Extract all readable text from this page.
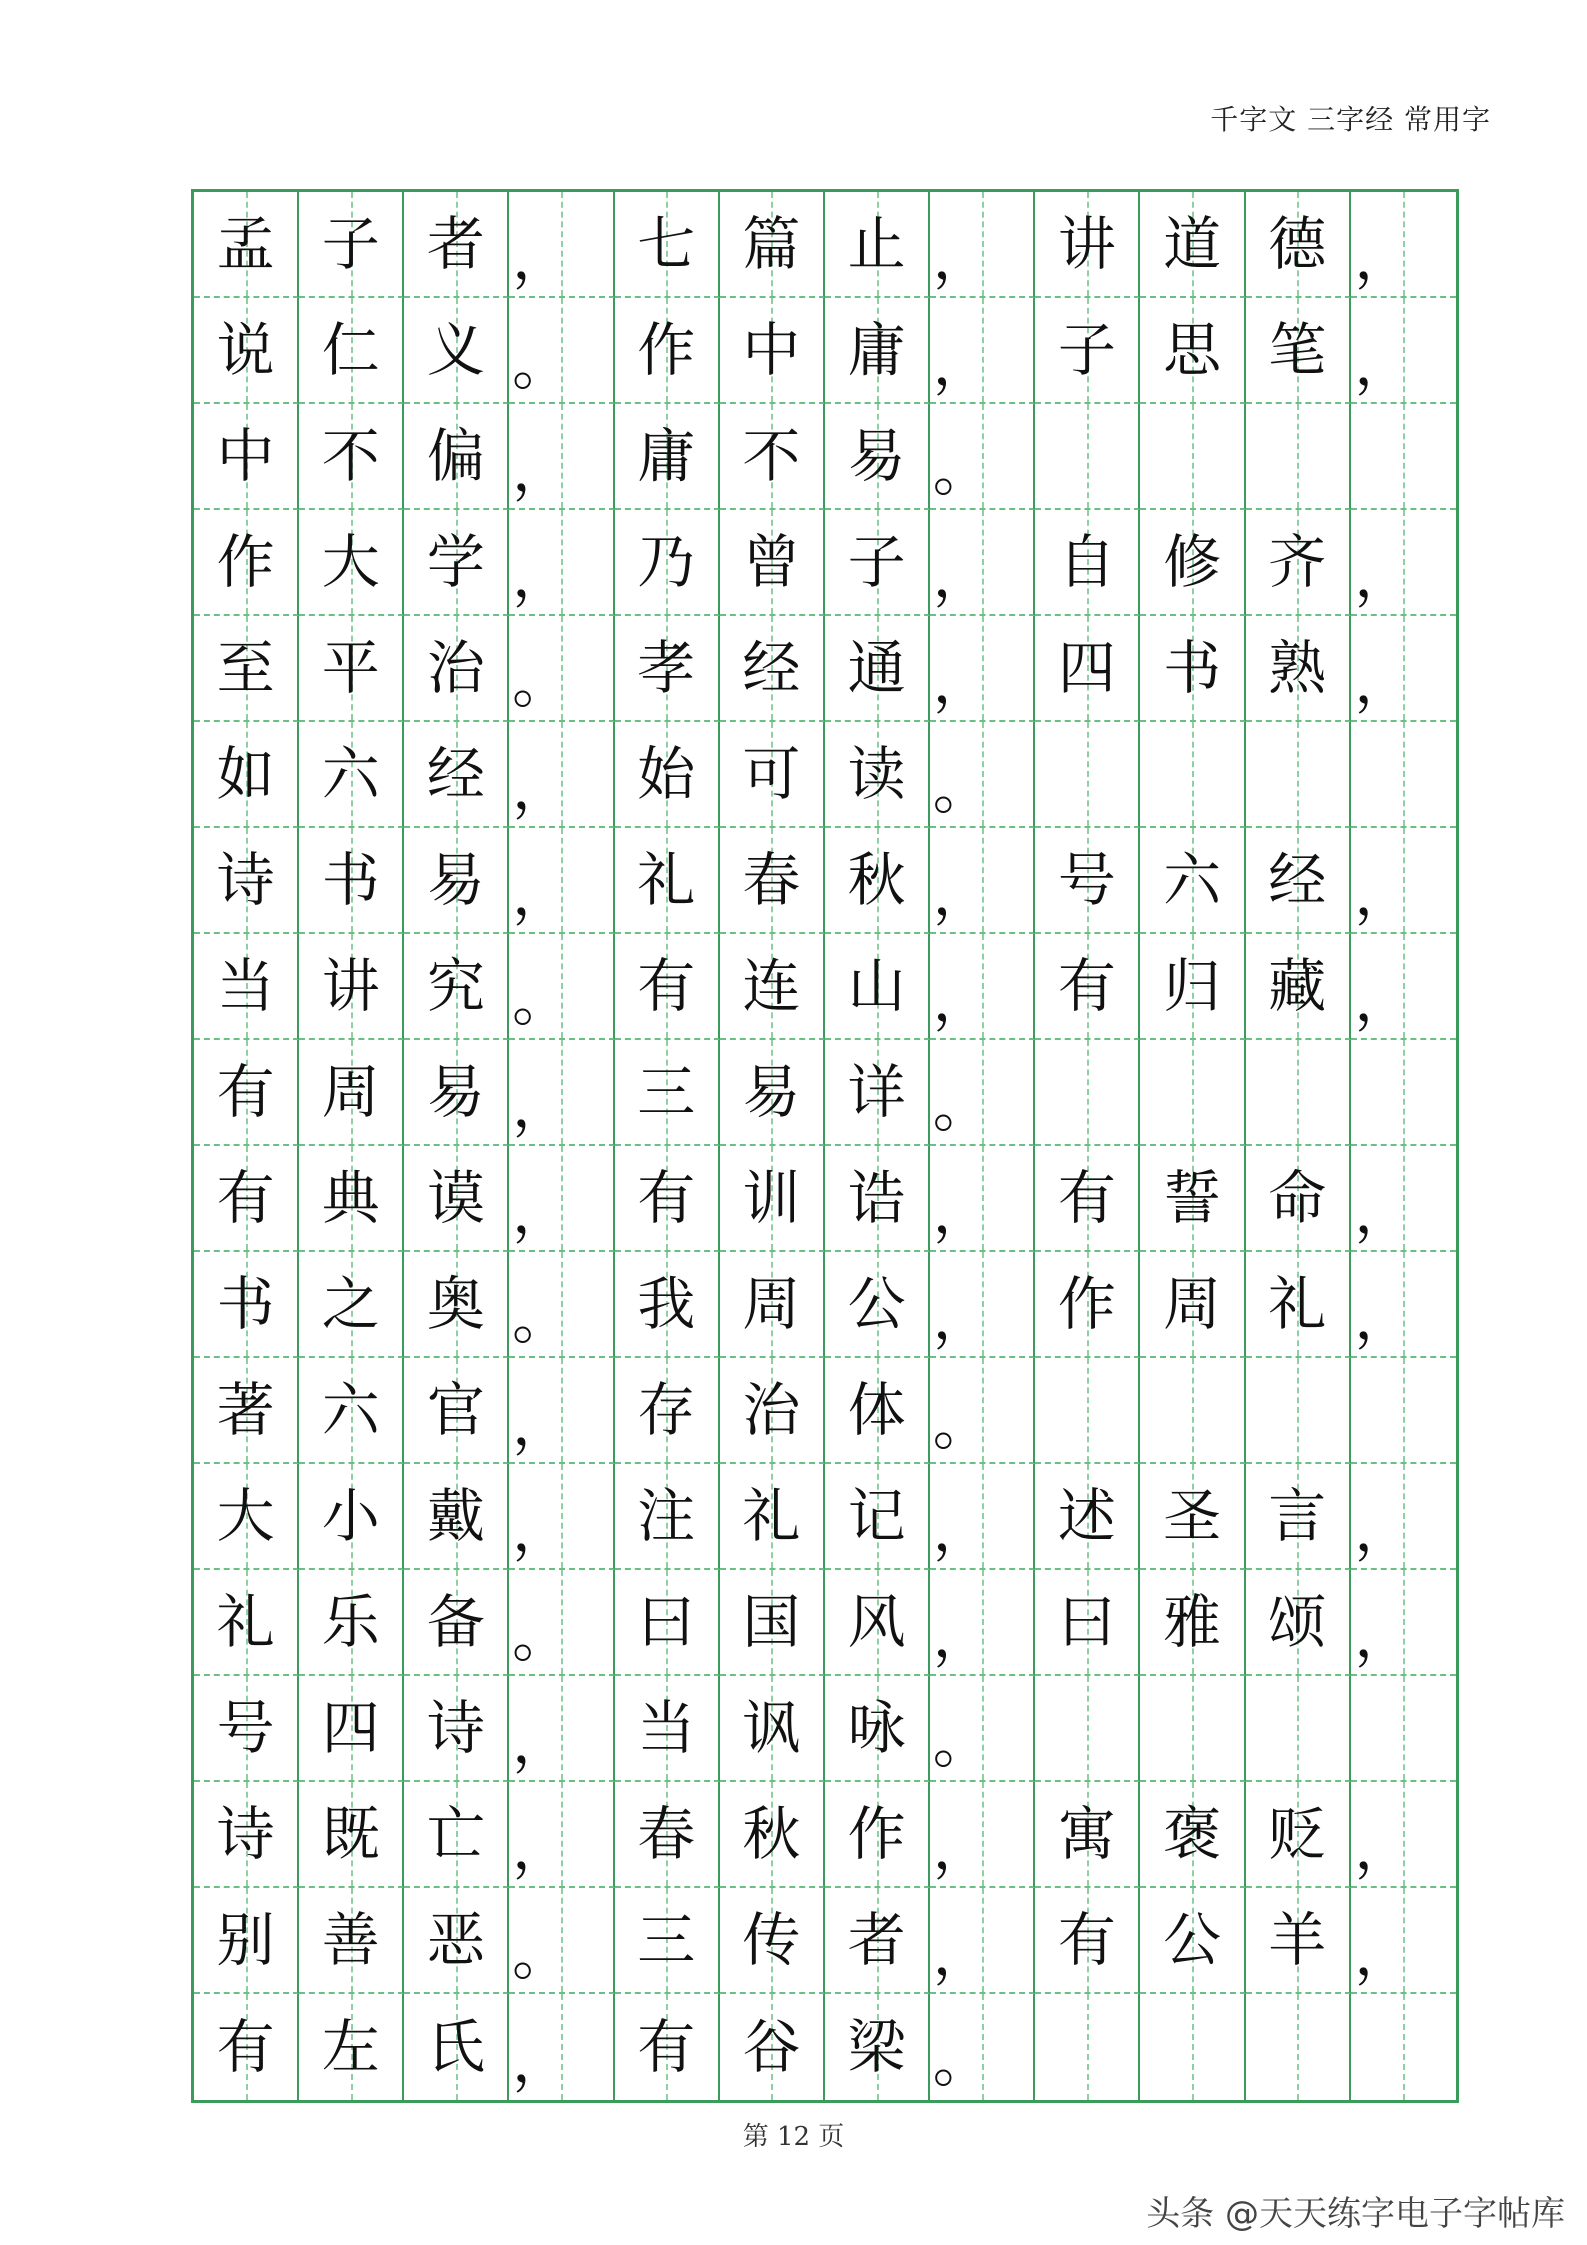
千字文 三字经 常用字
孟 子 者 ， 七 篇 止 ， 讲 道 德 ，
说 仁 义 。 作 中 庸 ， 子 思 笔 ，
中 不 偏 ， 庸 不 易 。
作 大 学 ， 乃 曾 子 ， 自 修 齐 ，
至 平 治 。 孝 经 通 ， 四 书 熟 ，
如 六 经 ， 始 可 读 。
诗 书 易 ， 礼 春 秋 ， 号 六 经 ，
当 讲 究 。 有 连 山 ， 有 归 藏 ，
有 周 易 ， 三 易 详 。
有 典 谟 ， 有 训 诰 ， 有 誓 命 ，
书 之 奥 。 我 周 公 ， 作 周 礼 ，
著 六 官 ， 存 治 体 。
大 小 戴 ， 注 礼 记 ， 述 圣 言 ，
礼 乐 备 。 曰 国 风 ， 曰 雅 颂 ，
号 四 诗 ， 当 讽 咏 。
诗 既 亡 ， 春 秋 作 ， 寓 褒 贬 ，
别 善 恶 。 三 传 者 ， 有 公 羊 ，
有 左 氏 ， 有 谷 梁 。
第 12 页
头条 @天天练字电子字帖库
